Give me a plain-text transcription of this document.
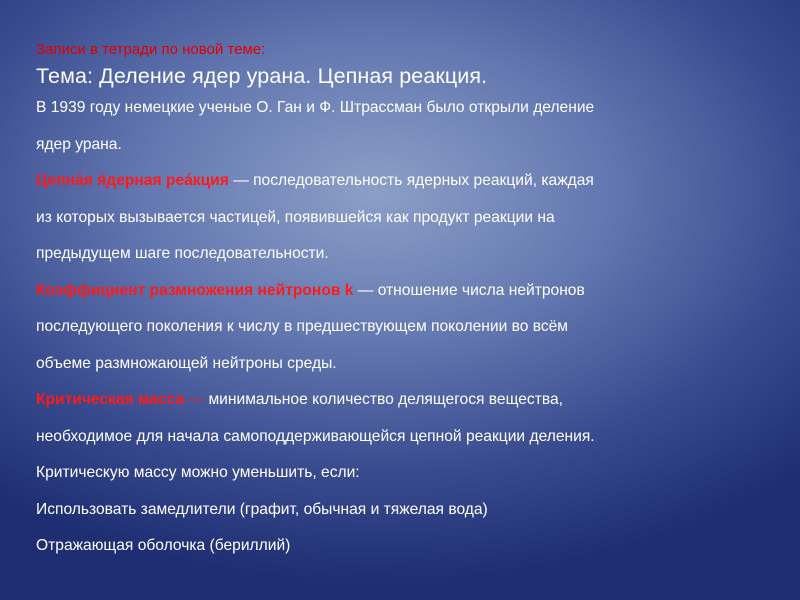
Записи в тетради по новой теме:
Тема: Деление ядер урана. Цепная реакция.

В 1939 году немецкие ученые О. Ган и Ф. Штрассман было открыли деление

ядер урана.

Цепна́я я́дерная реа́кция — последовательность ядерных реакций, каждая

из которых вызывается частицей, появившейся как продукт реакции на

предыдущем шаге последовательности.

Коэффициент размножения нейтронов k — отношение числа нейтронов

последующего поколения к числу в предшествующем поколении во всём

объеме размножающей нейтроны среды.

Критическая масса — минимальное количество делящегося вещества,

необходимое для начала самоподдерживающейся цепной реакции деления.

Критическую массу можно уменьшить, если:

Использовать замедлители (графит, обычная и тяжелая вода)

Отражающая оболочка (бериллий)
